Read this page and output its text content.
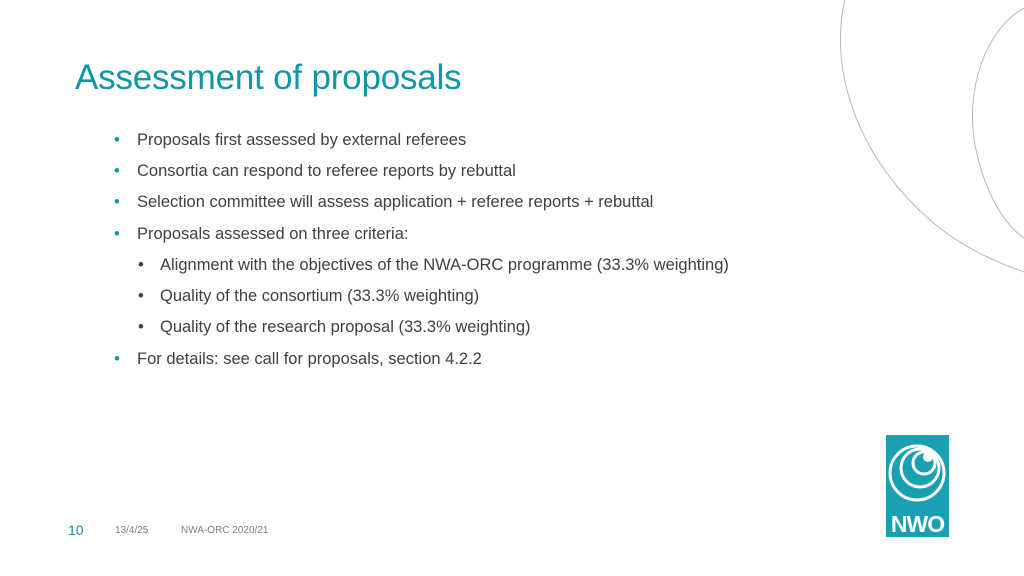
Assessment of proposals
• Proposals first assessed by external referees
• Consortia can respond to referee reports by rebuttal
• Selection committee will assess application + referee reports + rebuttal
• Proposals assessed on three criteria:
• Alignment with the objectives of the NWA-ORC programme (33.3% weighting)
• Quality of the consortium (33.3% weighting)
• Quality of the research proposal (33.3% weighting)
• For details: see call for proposals, section 4.2.2
10	13/4/25	NWA-ORC 2020/21	NWO
